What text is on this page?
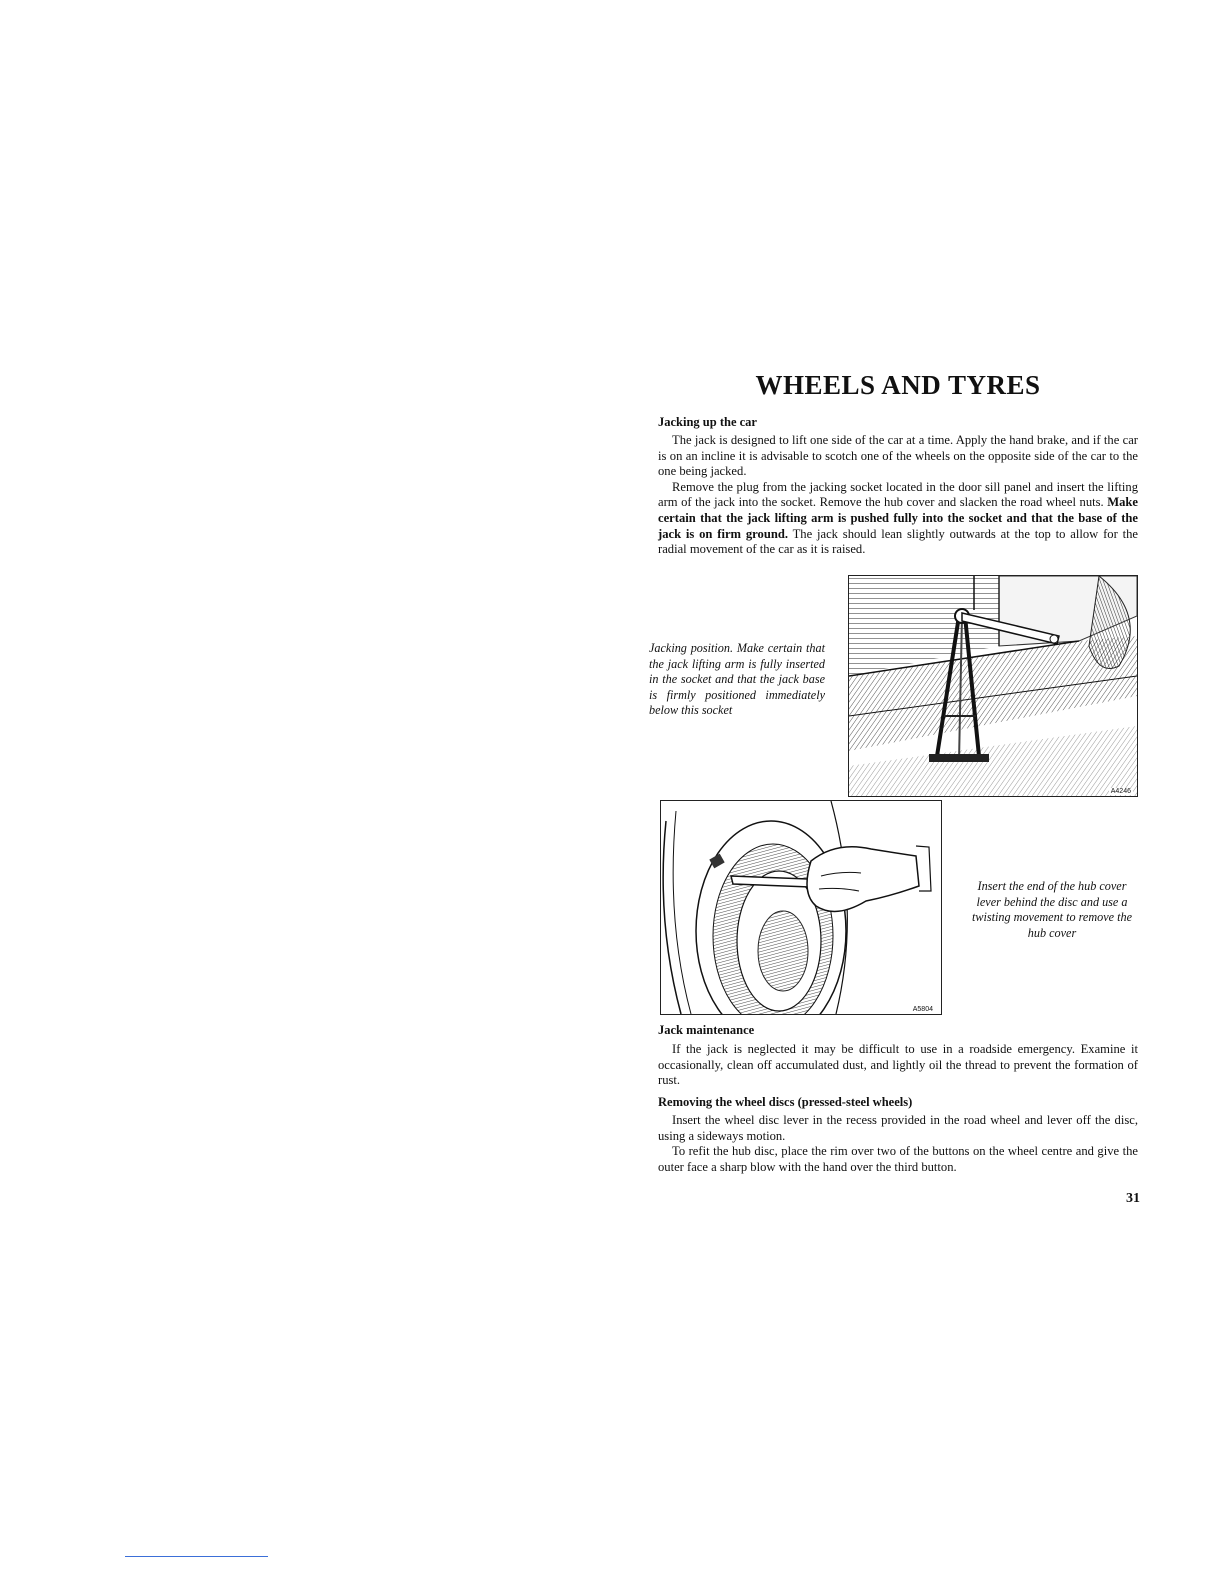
WHEELS AND TYRES
Jacking up the car

The jack is designed to lift one side of the car at a time. Apply the hand brake, and if the car is on an incline it is advisable to scotch one of the wheels on the opposite side of the car to the one being jacked.

Remove the plug from the jacking socket located in the door sill panel and insert the lifting arm of the jack into the socket. Remove the hub cover and slacken the road wheel nuts. Make certain that the jack lifting arm is pushed fully into the socket and that the base of the jack is on firm ground. The jack should lean slightly outwards at the top to allow for the radial movement of the car as it is raised.

Jacking position. Make certain that the jack lifting arm is fully inserted in the socket and that the jack base is firmly positioned immediately below this socket

A4246
A5804

Insert the end of the hub cover lever behind the disc and use a twisting movement to remove the hub cover

Jack maintenance

If the jack is neglected it may be difficult to use in a roadside emergency. Examine it occasionally, clean off accumulated dust, and lightly oil the thread to prevent the formation of rust.

Removing the wheel discs (pressed-steel wheels)

Insert the wheel disc lever in the recess provided in the road wheel and lever off the disc, using a sideways motion.

To refit the hub disc, place the rim over two of the buttons on the wheel centre and give the outer face a sharp blow with the hand over the third button.

31
